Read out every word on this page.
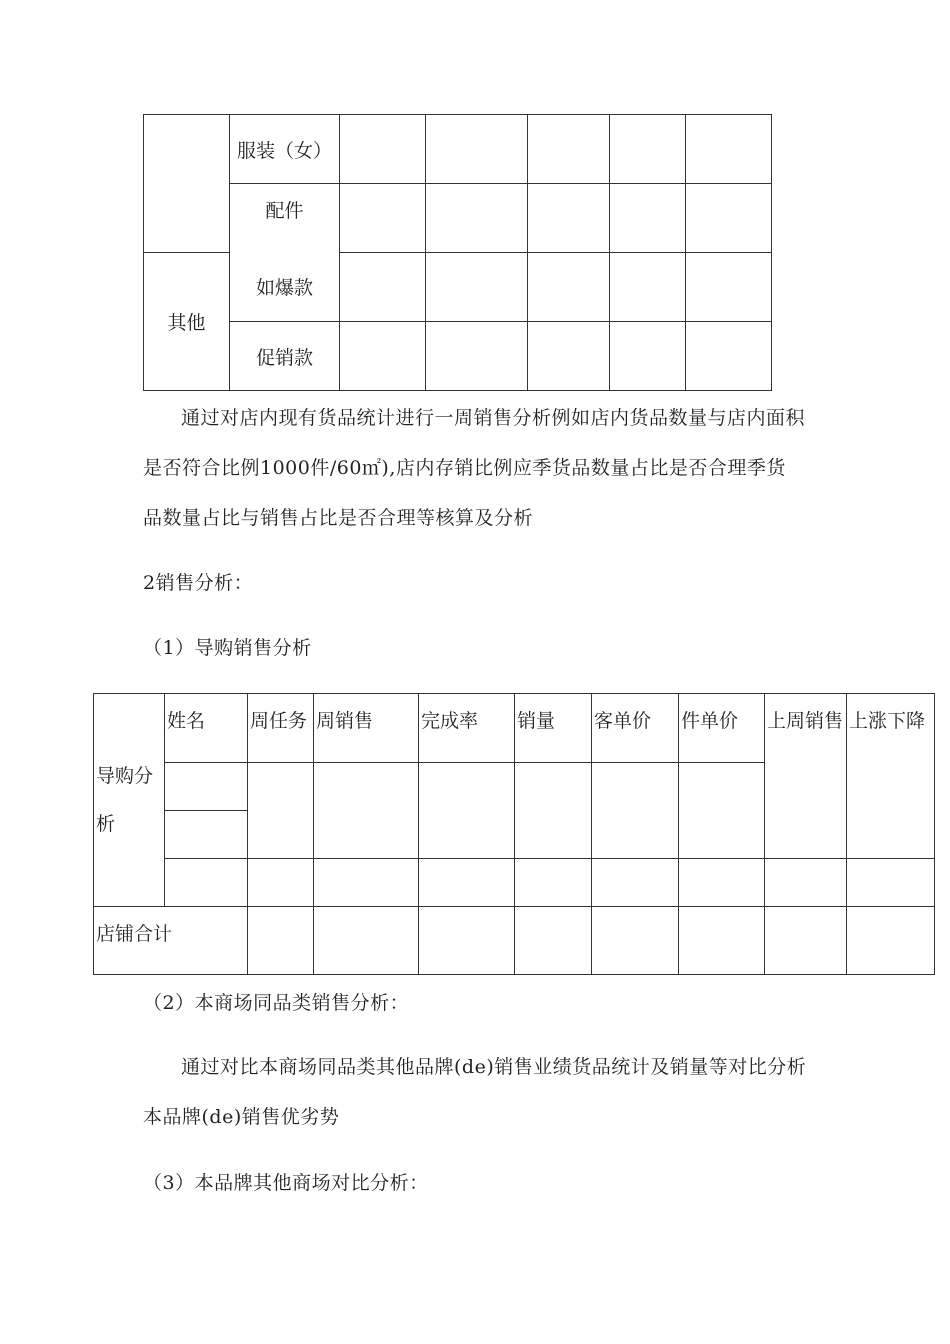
	服装（女）					
	配件					
其他	如爆款					
	促销款					
通过对店内现有货品统计进行一周销售分析例如店内货品数量与店内面积
是否符合比例1000件/60㎡),店内存销比例应季货品数量占比是否合理季货
品数量占比与销售占比是否合理等核算及分析
2销售分析：
（1）导购销售分析
导购分析	姓名	周任务	周销售	完成率	销量	客单价	件单价	上周销售	上涨下降

店铺合计									
（2）本商场同品类销售分析：
通过对比本商场同品类其他品牌(de)销售业绩货品统计及销量等对比分析
本品牌(de)销售优劣势
（3）本品牌其他商场对比分析：
